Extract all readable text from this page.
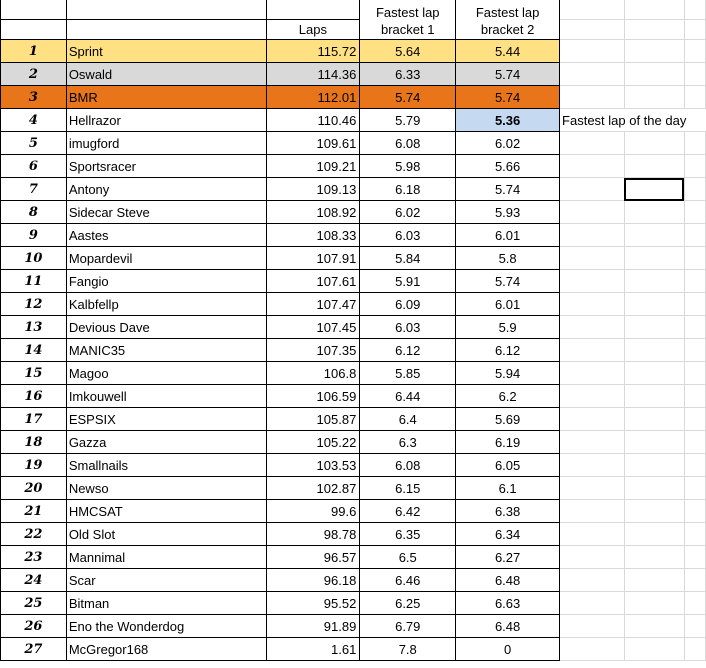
			Fastest lap	Fastest lap			
		Laps	bracket 1	bracket 2			
1	Sprint	115.72	5.64	5.44			
2	Oswald	114.36	6.33	5.74			
3	BMR	112.01	5.74	5.74			
4	Hellrazor	110.46	5.79	5.36	Fastest lap of the day		
5	imugford	109.61	6.08	6.02			
6	Sportsracer	109.21	5.98	5.66			
7	Antony	109.13	6.18	5.74			
8	Sidecar Steve	108.92	6.02	5.93			
9	Aastes	108.33	6.03	6.01			
10	Mopardevil	107.91	5.84	5.8			
11	Fangio	107.61	5.91	5.74			
12	Kalbfellp	107.47	6.09	6.01			
13	Devious Dave	107.45	6.03	5.9			
14	MANIC35	107.35	6.12	6.12			
15	Magoo	106.8	5.85	5.94			
16	Imkouwell	106.59	6.44	6.2			
17	ESPSIX	105.87	6.4	5.69			
18	Gazza	105.22	6.3	6.19			
19	Smallnails	103.53	6.08	6.05			
20	Newso	102.87	6.15	6.1			
21	HMCSAT	99.6	6.42	6.38			
22	Old Slot	98.78	6.35	6.34			
23	Mannimal	96.57	6.5	6.27			
24	Scar	96.18	6.46	6.48			
25	Bitman	95.52	6.25	6.63			
26	Eno the Wonderdog	91.89	6.79	6.48			
27	McGregor168	1.61	7.8	0			
